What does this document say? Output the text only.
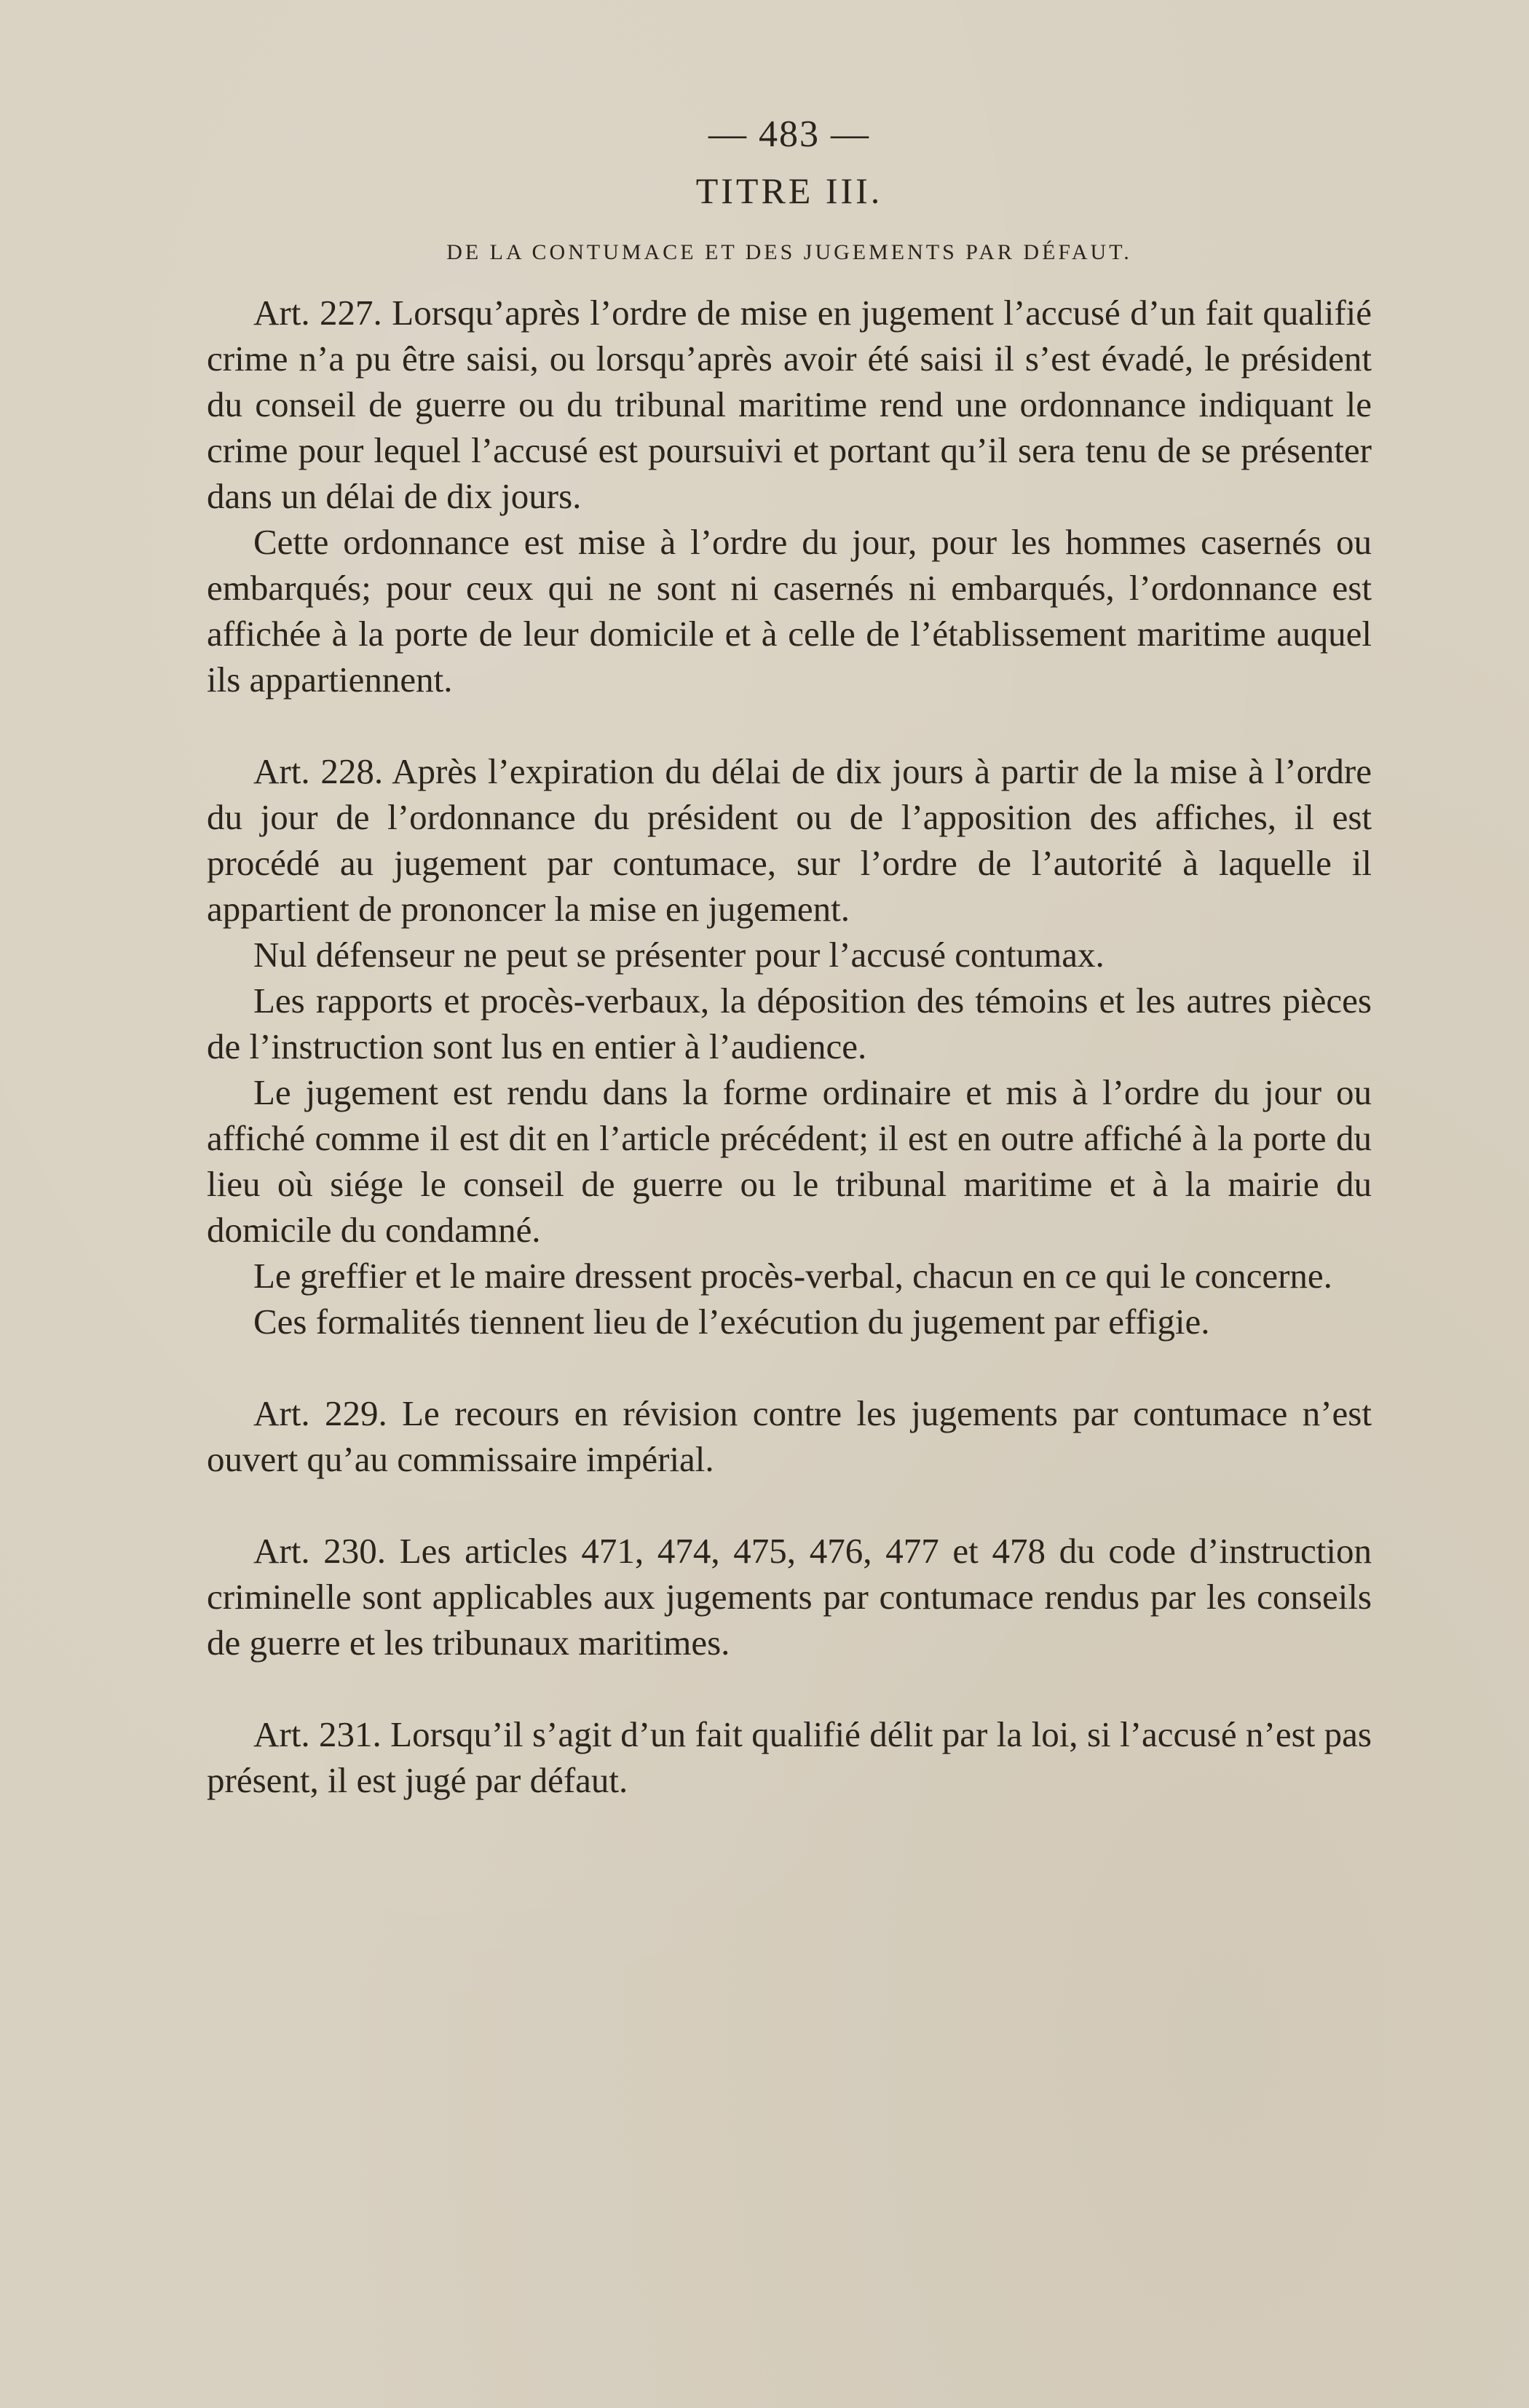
— 483 —
TITRE III.
DE LA CONTUMACE ET DES JUGEMENTS PAR DÉFAUT.

Art. 227. Lorsqu’après l’ordre de mise en jugement l’accusé d’un fait qualifié crime n’a pu être saisi, ou lorsqu’après avoir été saisi il s’est évadé, le président du conseil de guerre ou du tribunal maritime rend une ordonnance indiquant le crime pour lequel l’accusé est poursuivi et portant qu’il sera tenu de se présenter dans un délai de dix jours.

Cette ordonnance est mise à l’ordre du jour, pour les hommes casernés ou embarqués; pour ceux qui ne sont ni casernés ni embarqués, l’ordonnance est affichée à la porte de leur domicile et à celle de l’établissement maritime auquel ils appartiennent.

Art. 228. Après l’expiration du délai de dix jours à partir de la mise à l’ordre du jour de l’ordonnance du président ou de l’apposition des affiches, il est procédé au jugement par contumace, sur l’ordre de l’autorité à laquelle il appartient de prononcer la mise en jugement.

Nul défenseur ne peut se présenter pour l’accusé contumax.

Les rapports et procès-verbaux, la déposition des témoins et les autres pièces de l’instruction sont lus en entier à l’audience.

Le jugement est rendu dans la forme ordinaire et mis à l’ordre du jour ou affiché comme il est dit en l’article précédent; il est en outre affiché à la porte du lieu où siége le conseil de guerre ou le tribunal maritime et à la mairie du domicile du condamné.

Le greffier et le maire dressent procès-verbal, chacun en ce qui le concerne.

Ces formalités tiennent lieu de l’exécution du jugement par effigie.

Art. 229. Le recours en révision contre les jugements par contumace n’est ouvert qu’au commissaire impérial.

Art. 230. Les articles 471, 474, 475, 476, 477 et 478 du code d’instruction criminelle sont applicables aux jugements par contumace rendus par les conseils de guerre et les tribunaux maritimes.

Art. 231. Lorsqu’il s’agit d’un fait qualifié délit par la loi, si l’accusé n’est pas présent, il est jugé par défaut.
